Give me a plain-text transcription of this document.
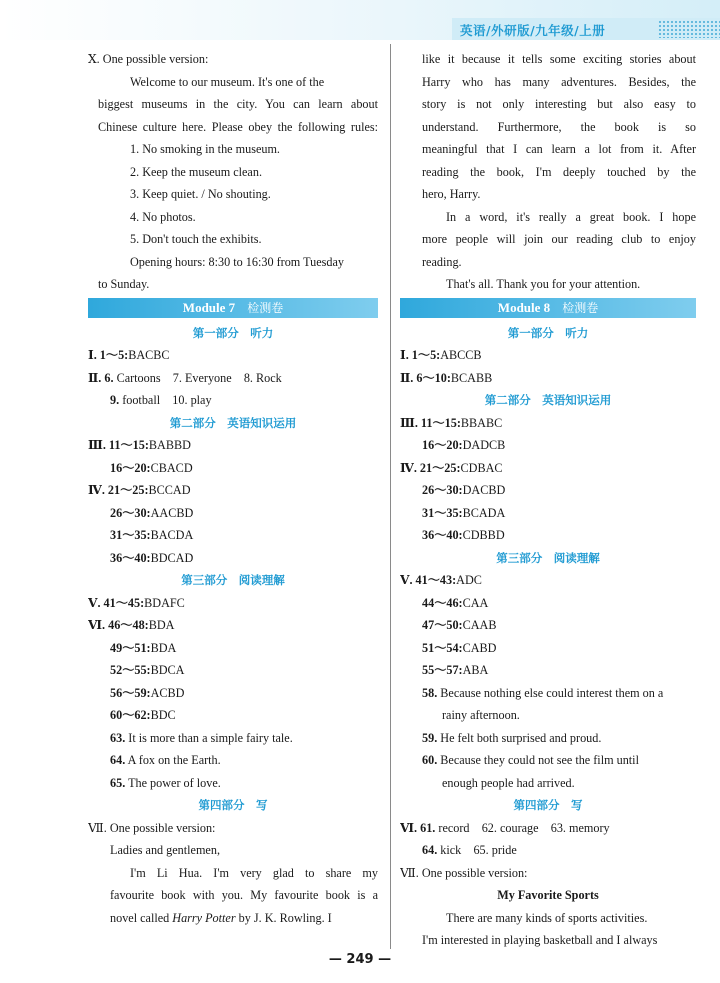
英语/外研版/九年级/上册
Ⅹ. One possible version:
Welcome to our museum. It's one of the
biggest museums in the city. You can learn about
Chinese culture here. Please obey the following rules:
1. No smoking in the museum.
2. Keep the museum clean.
3. Keep quiet. / No shouting.
4. No photos.
5. Don't touch the exhibits.
Opening hours: 8:30 to 16:30 from Tuesday
to Sunday.
Module 7　 检测卷
第一部分　听力
Ⅰ. 1～5:BACBC
Ⅱ. 6. Cartoons　7. Everyone　8. Rock
9. football　10. play
第二部分　英语知识运用
Ⅲ. 11～15:BABBD
16～20:CBACD
Ⅳ. 21～25:BCCAD
26～30:AACBD
31～35:BACDA
36～40:BDCAD
第三部分　阅读理解
Ⅴ. 41～45:BDAFC
Ⅵ. 46～48:BDA
49～51:BDA
52～55:BDCA
56～59:ACBD
60～62:BDC
63. It is more than a simple fairy tale.
64. A fox on the Earth.
65. The power of love.
第四部分　写
Ⅶ. One possible version:
Ladies and gentlemen,
I'm Li Hua. I'm very glad to share my
favourite book with you. My favourite book is a
novel called Harry Potter by J. K. Rowling. I
like it because it tells some exciting stories about
Harry who has many adventures. Besides, the
story is not only interesting but also easy to
understand. Furthermore, the book is so
meaningful that I can learn a lot from it. After
reading the book, I'm deeply touched by the
hero, Harry.
In a word, it's really a great book. I hope
more people will join our reading club to enjoy
reading.
That's all. Thank you for your attention.
Module 8　 检测卷
第一部分　听力
Ⅰ. 1～5:ABCCB
Ⅱ. 6～10:BCABB
第二部分　英语知识运用
Ⅲ. 11～15:BBABC
16～20:DADCB
Ⅳ. 21～25:CDBAC
26～30:DACBD
31～35:BCADA
36～40:CDBBD
第三部分　阅读理解
Ⅴ. 41～43:ADC
44～46:CAA
47～50:CAAB
51～54:CABD
55～57:ABA
58. Because nothing else could interest them on a
rainy afternoon.
59. He felt both surprised and proud.
60. Because they could not see the film until
enough people had arrived.
第四部分　写
Ⅵ. 61. record　62. courage　63. memory
64. kick　65. pride
Ⅶ. One possible version:
My Favorite Sports
There are many kinds of sports activities.
I'm interested in playing basketball and I always
— 249 —
